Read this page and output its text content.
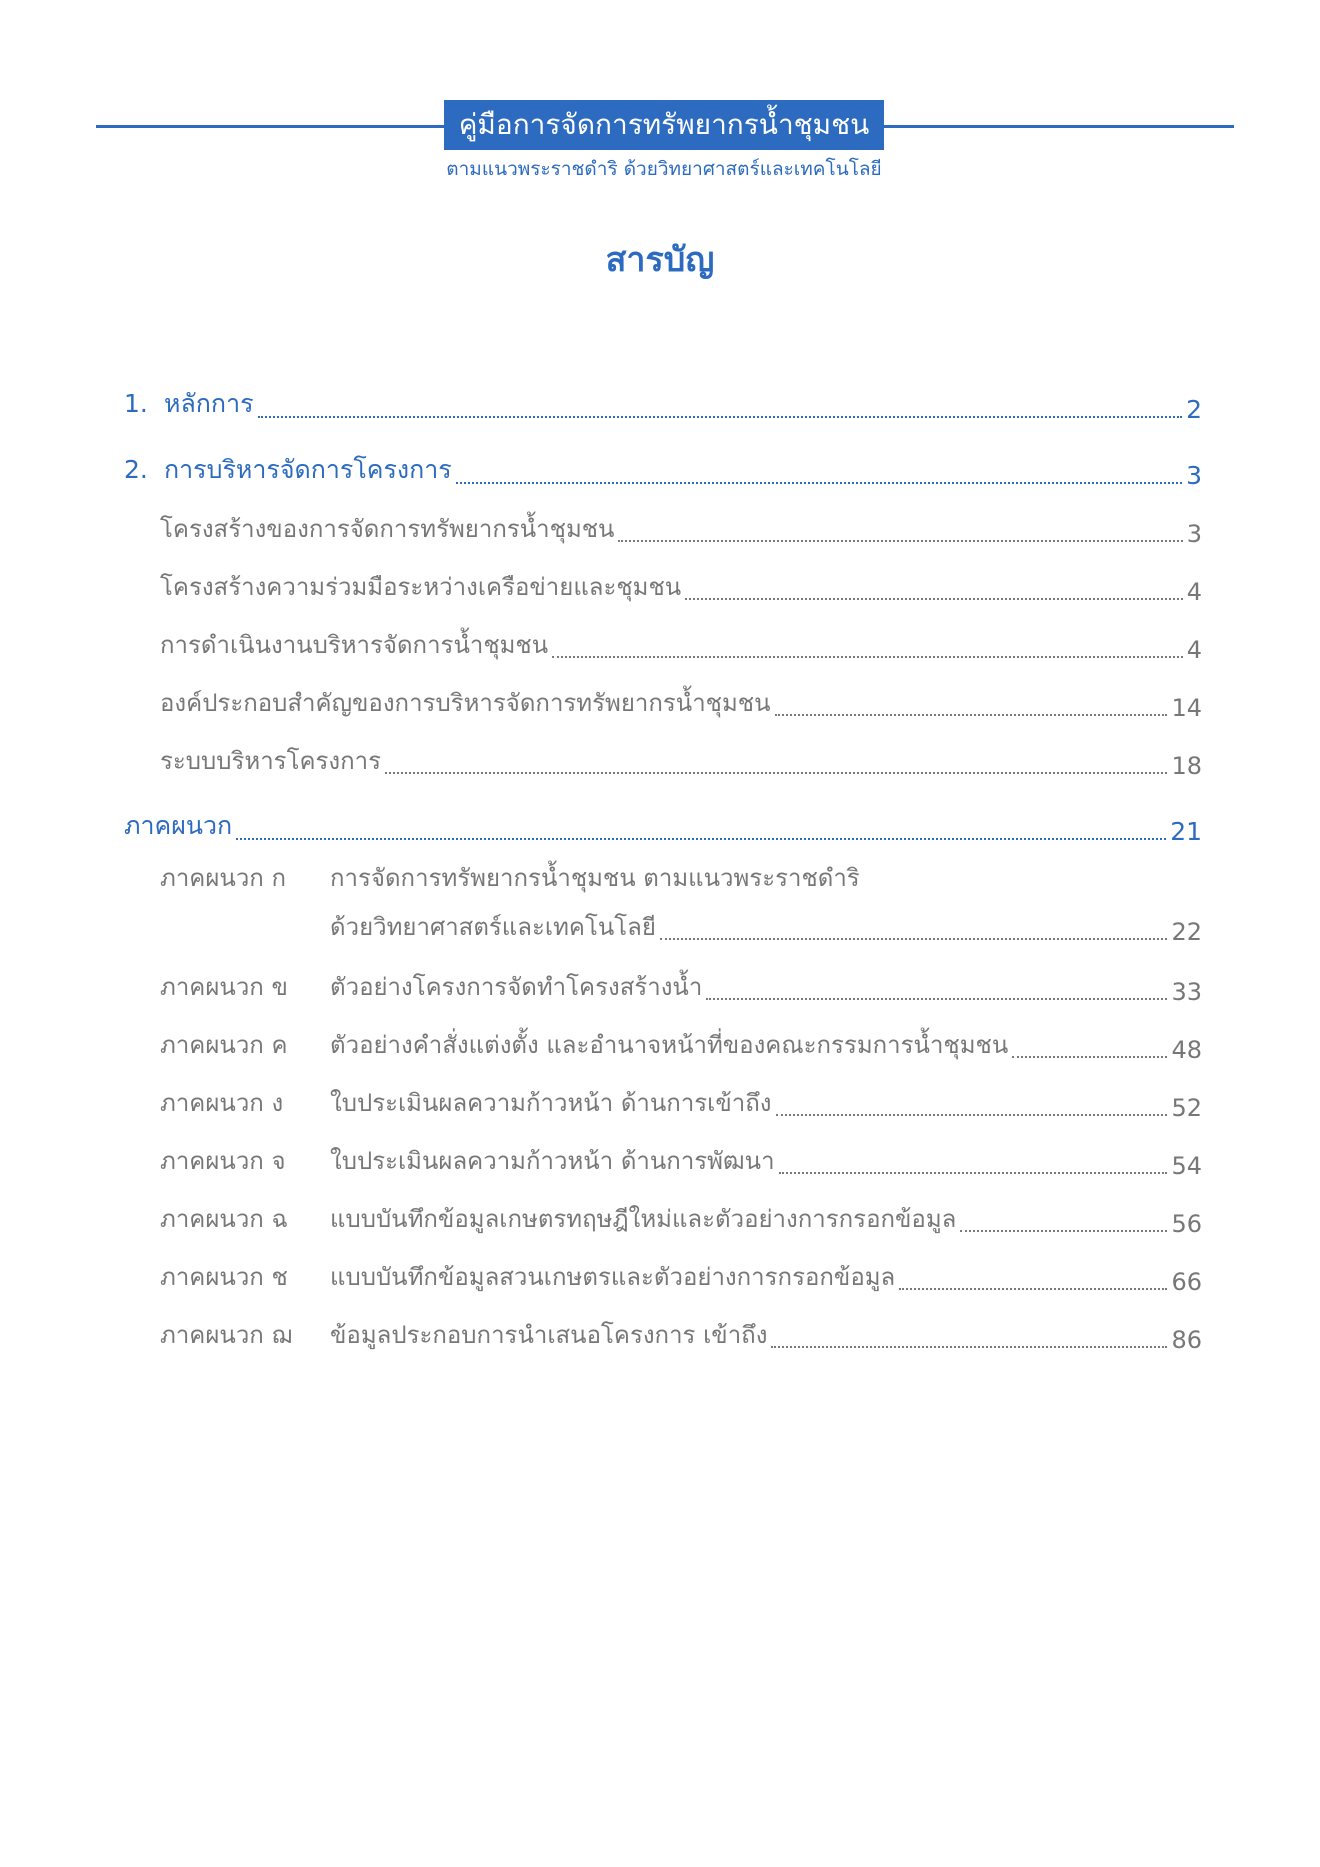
คู่มือการจัดการทรัพยากรน้ำชุมชน
ตามแนวพระราชดำริ ด้วยวิทยาศาสตร์และเทคโนโลยี
สารบัญ
1. หลักการ	2
2. การบริหารจัดการโครงการ	3
โครงสร้างของการจัดการทรัพยากรน้ำชุมชน	3
โครงสร้างความร่วมมือระหว่างเครือข่ายและชุมชน	4
การดำเนินงานบริหารจัดการน้ำชุมชน	4
องค์ประกอบสำคัญของการบริหารจัดการทรัพยากรน้ำชุมชน	14
ระบบบริหารโครงการ	18
ภาคผนวก	21
ภาคผนวก ก การจัดการทรัพยากรน้ำชุมชน ตามแนวพระราชดำริ
ด้วยวิทยาศาสตร์และเทคโนโลยี	22
ภาคผนวก ข ตัวอย่างโครงการจัดทำโครงสร้างน้ำ	33
ภาคผนวก ค ตัวอย่างคำสั่งแต่งตั้ง และอำนาจหน้าที่ของคณะกรรมการน้ำชุมชน	48
ภาคผนวก ง ใบประเมินผลความก้าวหน้า ด้านการเข้าถึง	52
ภาคผนวก จ ใบประเมินผลความก้าวหน้า ด้านการพัฒนา	54
ภาคผนวก ฉ แบบบันทึกข้อมูลเกษตรทฤษฎีใหม่และตัวอย่างการกรอกข้อมูล	56
ภาคผนวก ช แบบบันทึกข้อมูลสวนเกษตรและตัวอย่างการกรอกข้อมูล	66
ภาคผนวก ฌ ข้อมูลประกอบการนำเสนอโครงการ เข้าถึง	86
